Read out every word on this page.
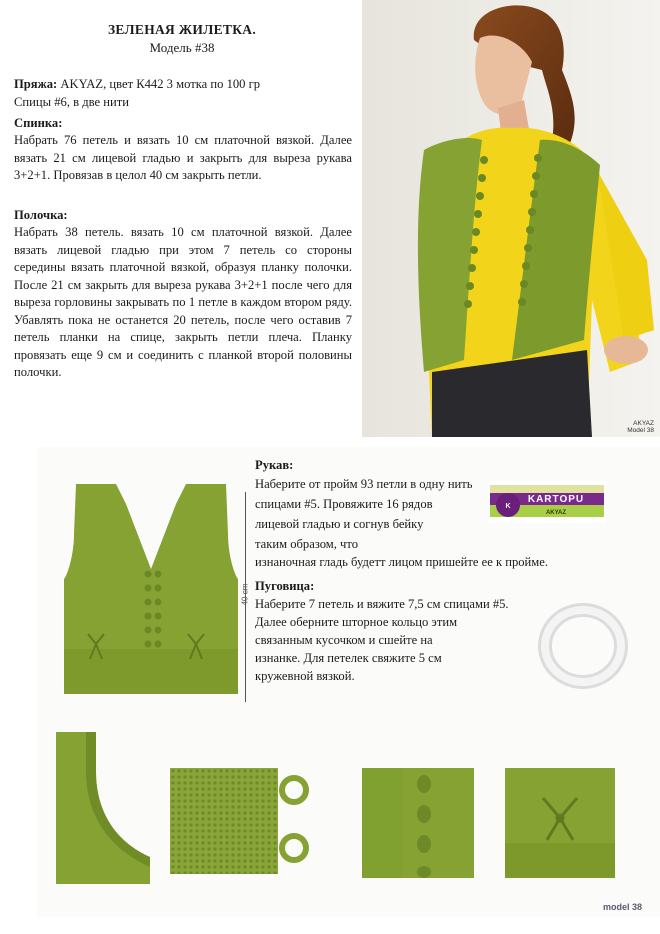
ЗЕЛЕНАЯ ЖИЛЕТКА.
Модель #38
Пряжа: AKYAZ, цвет К442 3 мотка по 100 гр
Спицы #6, в две нити
Спинка:
Набрать 76 петель и вязать 10 см платочной вязкой. Далее вязать 21 см лицевой гладью и закрыть для выреза рукава 3+2+1. Провязав в целол 40 см закрыть петли.
Полочка:
Набрать 38 петель. вязать 10 см платочной вязкой. Далее вязать лицевой гладью при этом 7 петель со стороны середины вязать платочной вязкой, образуя планку полочки. После 21 см закрыть для выреза рукава 3+2+1 после чего для выреза горловины закрывать по 1 петле в каждом втором ряду. Убавлять пока не останется 20 петель, после чего оставив 7 петель планки на спице, закрыть петли плеча. Планку провязать еще 9 см и соединить с планкой второй половины полочки.
AKYAZ
Model 38
40 cm
Рукав:
Наберите от пройм 93 петли в одну нить
спицами #5. Провяжите 16 рядов
лицевой гладью и согнув бейку
таким образом, что
изнаночная гладь будетт лицом пришейте ее к пройме.
Пуговица:
Наберите 7 петель и вяжите 7,5 см спицами #5.
Далее оберните шторное кольцо этим
связанным кусочком и сшейте на
изнанке. Для петелек свяжите 5 см
кружевной вязкой.
K
KARTOPU
AKYAZ
model 38
